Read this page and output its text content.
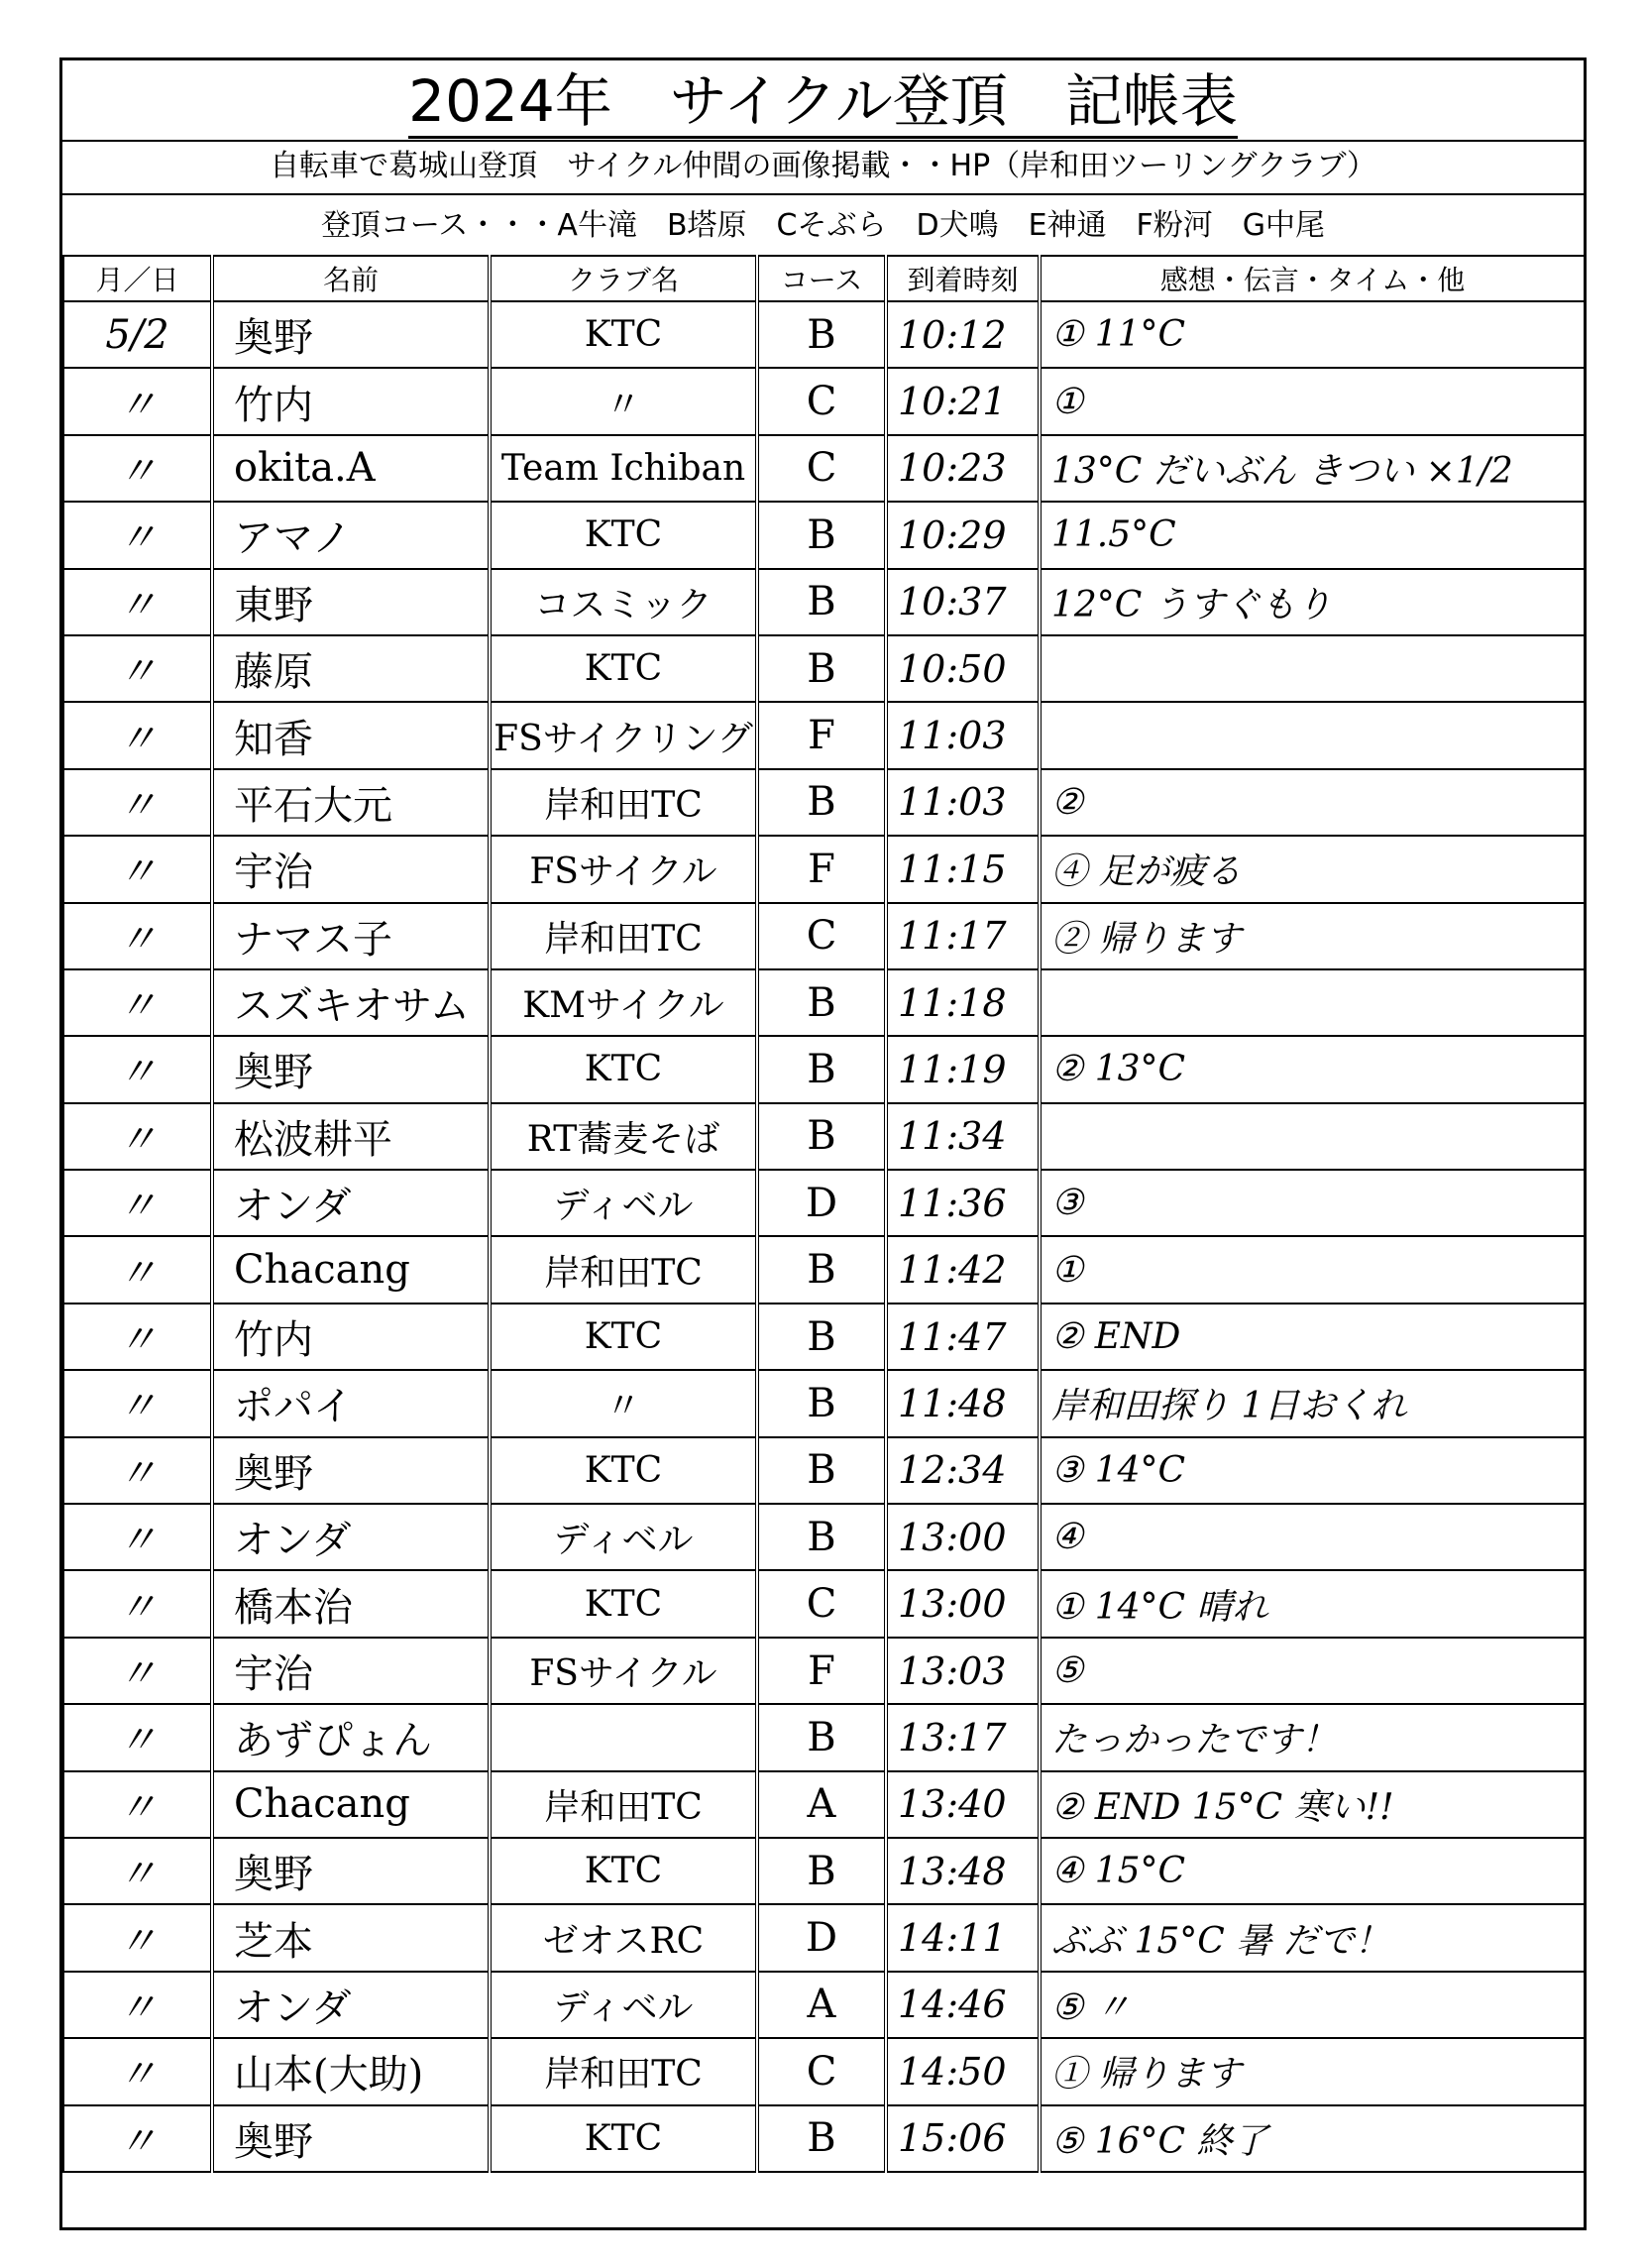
2024年　サイクル登頂　記帳表
自転車で葛城山登頂　サイクル仲間の画像掲載・・HP（岸和田ツーリングクラブ）
登頂コース・・・A牛滝　B塔原　Cそぶら　D犬鳴　E神通　F粉河　G中尾
月／日	名前	クラブ名	コース	到着時刻	感想・伝言・タイム・他
5/2	奥野	KTC	B	10:12	① 11°C
〃	竹内	〃	C	10:21	①
〃	okita.A	Team Ichiban	C	10:23	13°C だいぶん きつい ×1/2
〃	アマノ	KTC	B	10:29	11.5°C
〃	東野	コスミック	B	10:37	12°C うすぐもり
〃	藤原	KTC	B	10:50	
〃	知香	FSサイクリング	F	11:03	
〃	平石大元	岸和田TC	B	11:03	②
〃	宇治	FSサイクル	F	11:15	④ 足が疲る
〃	ナマス子	岸和田TC	C	11:17	② 帰ります
〃	スズキオサム	KMサイクル	B	11:18	
〃	奥野	KTC	B	11:19	② 13°C
〃	松波耕平	RT蕎麦そば	B	11:34	
〃	オンダ	ディベル	D	11:36	③
〃	Chacang	岸和田TC	B	11:42	①
〃	竹内	KTC	B	11:47	② END
〃	ポパイ	〃	B	11:48	岸和田探り 1日おくれ
〃	奥野	KTC	B	12:34	③ 14°C
〃	オンダ	ディベル	B	13:00	④
〃	橋本治	KTC	C	13:00	① 14°C 晴れ
〃	宇治	FSサイクル	F	13:03	⑤
〃	あずぴょん		B	13:17	たっかったです！
〃	Chacang	岸和田TC	A	13:40	② END 15°C 寒い!!
〃	奥野	KTC	B	13:48	④ 15°C
〃	芝本	ゼオスRC	D	14:11	ぶぶ 15°C 暑 だで！
〃	オンダ	ディベル	A	14:46	⑤ 〃
〃	山本(大助)	岸和田TC	C	14:50	① 帰ります
〃	奥野	KTC	B	15:06	⑤ 16°C 終了
